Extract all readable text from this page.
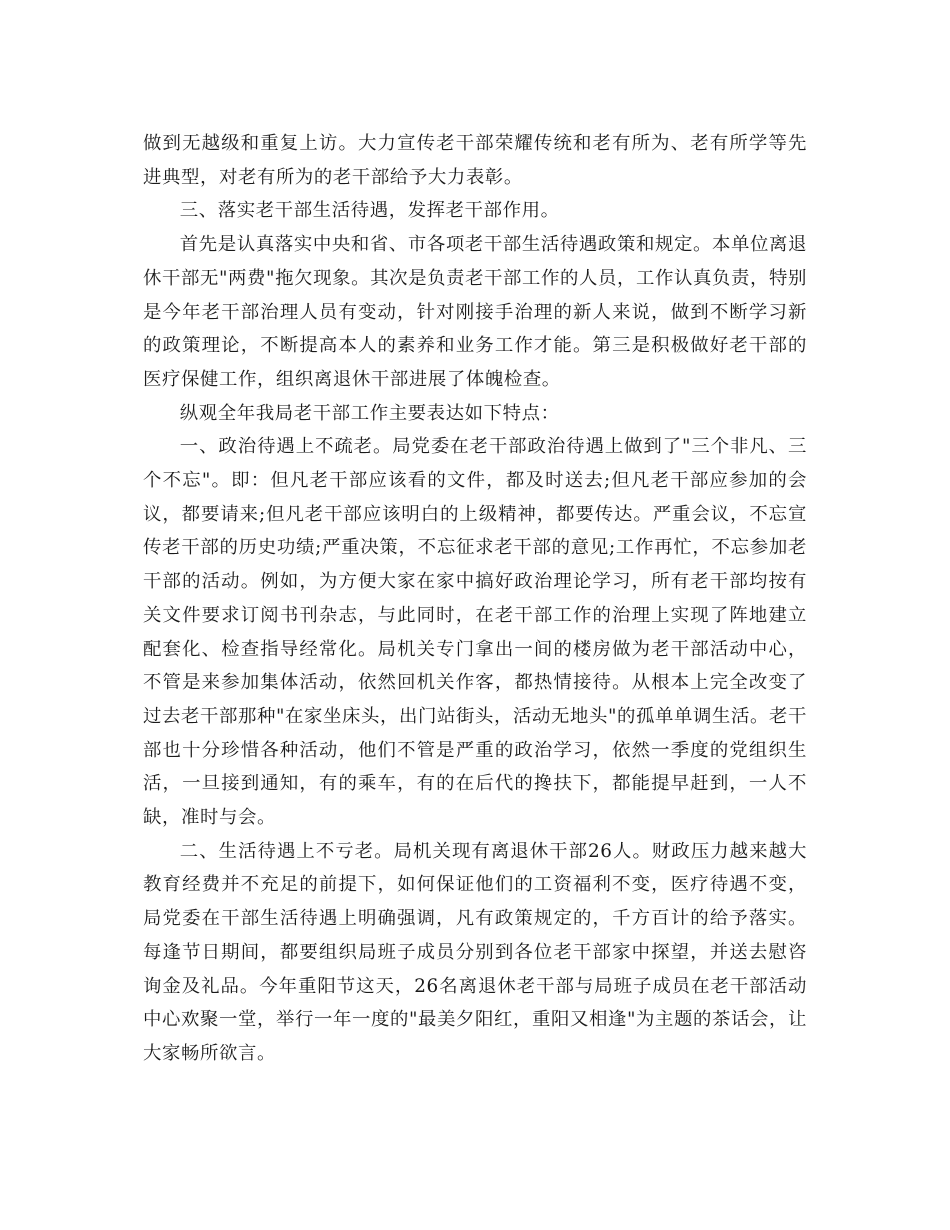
做到无越级和重复上访。大力宣传老干部荣耀传统和老有所为、老有所学等先进典型，对老有所为的老干部给予大力表彰。

三、落实老干部生活待遇，发挥老干部作用。

首先是认真落实中央和省、市各项老干部生活待遇政策和规定。本单位离退休干部无"两费"拖欠现象。其次是负责老干部工作的人员，工作认真负责，特别是今年老干部治理人员有变动，针对刚接手治理的新人来说，做到不断学习新的政策理论，不断提高本人的素养和业务工作才能。第三是积极做好老干部的医疗保健工作，组织离退休干部进展了体魄检查。

纵观全年我局老干部工作主要表达如下特点：

一、政治待遇上不疏老。局党委在老干部政治待遇上做到了"三个非凡、三个不忘"。即：但凡老干部应该看的文件，都及时送去;但凡老干部应参加的会议，都要请来;但凡老干部应该明白的上级精神，都要传达。严重会议，不忘宣传老干部的历史功绩;严重决策，不忘征求老干部的意见;工作再忙，不忘参加老干部的活动。例如，为方便大家在家中搞好政治理论学习，所有老干部均按有关文件要求订阅书刊杂志，与此同时，在老干部工作的治理上实现了阵地建立配套化、检查指导经常化。局机关专门拿出一间的楼房做为老干部活动中心，不管是来参加集体活动，依然回机关作客，都热情接待。从根本上完全改变了过去老干部那种"在家坐床头，出门站街头，活动无地头"的孤单单调生活。老干部也十分珍惜各种活动，他们不管是严重的政治学习，依然一季度的党组织生活，一旦接到通知，有的乘车，有的在后代的搀扶下，都能提早赶到，一人不缺，准时与会。

二、生活待遇上不亏老。局机关现有离退休干部26人。财政压力越来越大教育经费并不充足的前提下，如何保证他们的工资福利不变，医疗待遇不变，局党委在干部生活待遇上明确强调，凡有政策规定的，千方百计的给予落实。每逢节日期间，都要组织局班子成员分别到各位老干部家中探望，并送去慰咨询金及礼品。今年重阳节这天，26名离退休老干部与局班子成员在老干部活动中心欢聚一堂，举行一年一度的"最美夕阳红，重阳又相逢"为主题的茶话会，让大家畅所欲言。
